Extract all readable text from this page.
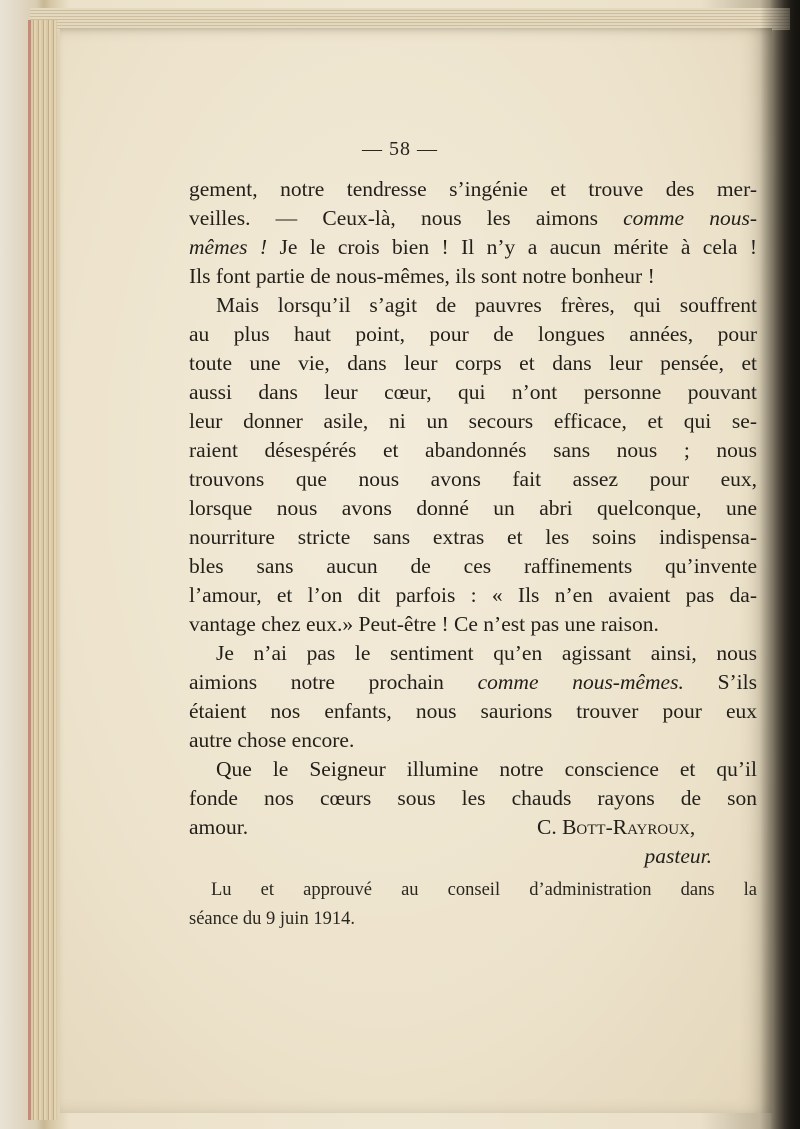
— 58 —
gement, notre tendresse s’ingénie et trouve des mer-
veilles. — Ceux-là, nous les aimons comme nous-
mêmes ! Je le crois bien ! Il n’y a aucun mérite à cela !
Ils font partie de nous-mêmes, ils sont notre bonheur !
Mais lorsqu’il s’agit de pauvres frères, qui souffrent
au plus haut point, pour de longues années, pour
toute une vie, dans leur corps et dans leur pensée, et
aussi dans leur cœur, qui n’ont personne pouvant
leur donner asile, ni un secours efficace, et qui se-
raient désespérés et abandonnés sans nous ; nous
trouvons que nous avons fait assez pour eux,
lorsque nous avons donné un abri quelconque, une
nourriture stricte sans extras et les soins indispensa-
bles sans aucun de ces raffinements qu’invente
l’amour, et l’on dit parfois : « Ils n’en avaient pas da-
vantage chez eux.» Peut-être ! Ce n’est pas une raison.
Je n’ai pas le sentiment qu’en agissant ainsi, nous
aimions notre prochain comme nous-mêmes. S’ils
étaient nos enfants, nous saurions trouver pour eux
autre chose encore.
Que le Seigneur illumine notre conscience et qu’il
fonde nos cœurs sous les chauds rayons de son
amour.	C. Bott-Rayroux,
pasteur.
Lu et approuvé au conseil d’administration dans la
séance du 9 juin 1914.
